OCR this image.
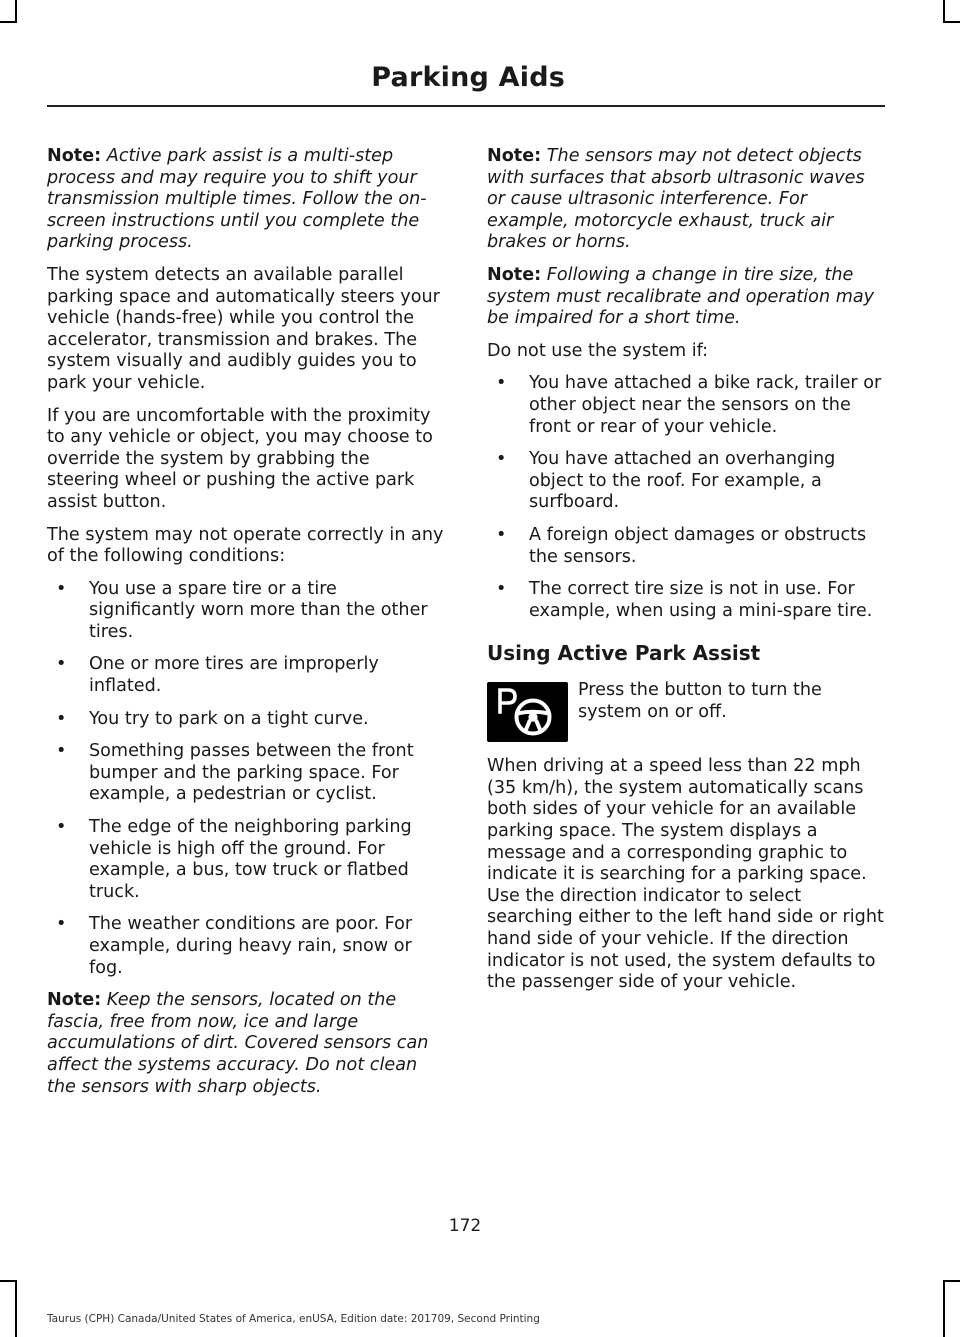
Parking Aids

Note: Active park assist is a multi-step process and may require you to shift your transmission multiple times. Follow the on-screen instructions until you complete the parking process.

The system detects an available parallel parking space and automatically steers your vehicle (hands-free) while you control the accelerator, transmission and brakes. The system visually and audibly guides you to park your vehicle.

If you are uncomfortable with the proximity to any vehicle or object, you may choose to override the system by grabbing the steering wheel or pushing the active park assist button.

The system may not operate correctly in any of the following conditions:

• You use a spare tire or a tire significantly worn more than the other tires.
• One or more tires are improperly inflated.
• You try to park on a tight curve.
• Something passes between the front bumper and the parking space. For example, a pedestrian or cyclist.
• The edge of the neighboring parking vehicle is high off the ground. For example, a bus, tow truck or flatbed truck.
• The weather conditions are poor. For example, during heavy rain, snow or fog.

Note: Keep the sensors, located on the fascia, free from now, ice and large accumulations of dirt. Covered sensors can affect the systems accuracy. Do not clean the sensors with sharp objects.

Note: The sensors may not detect objects with surfaces that absorb ultrasonic waves or cause ultrasonic interference. For example, motorcycle exhaust, truck air brakes or horns.

Note: Following a change in tire size, the system must recalibrate and operation may be impaired for a short time.

Do not use the system if:

• You have attached a bike rack, trailer or other object near the sensors on the front or rear of your vehicle.
• You have attached an overhanging object to the roof. For example, a surfboard.
• A foreign object damages or obstructs the sensors.
• The correct tire size is not in use. For example, when using a mini-spare tire.
Using Active Park Assist

Press the button to turn the system on or off.

When driving at a speed less than 22 mph (35 km/h), the system automatically scans both sides of your vehicle for an available parking space. The system displays a message and a corresponding graphic to indicate it is searching for a parking space. Use the direction indicator to select searching either to the left hand side or right hand side of your vehicle. If the direction indicator is not used, the system defaults to the passenger side of your vehicle.

172
Taurus (CPH) Canada/United States of America, enUSA, Edition date: 201709, Second Printing
